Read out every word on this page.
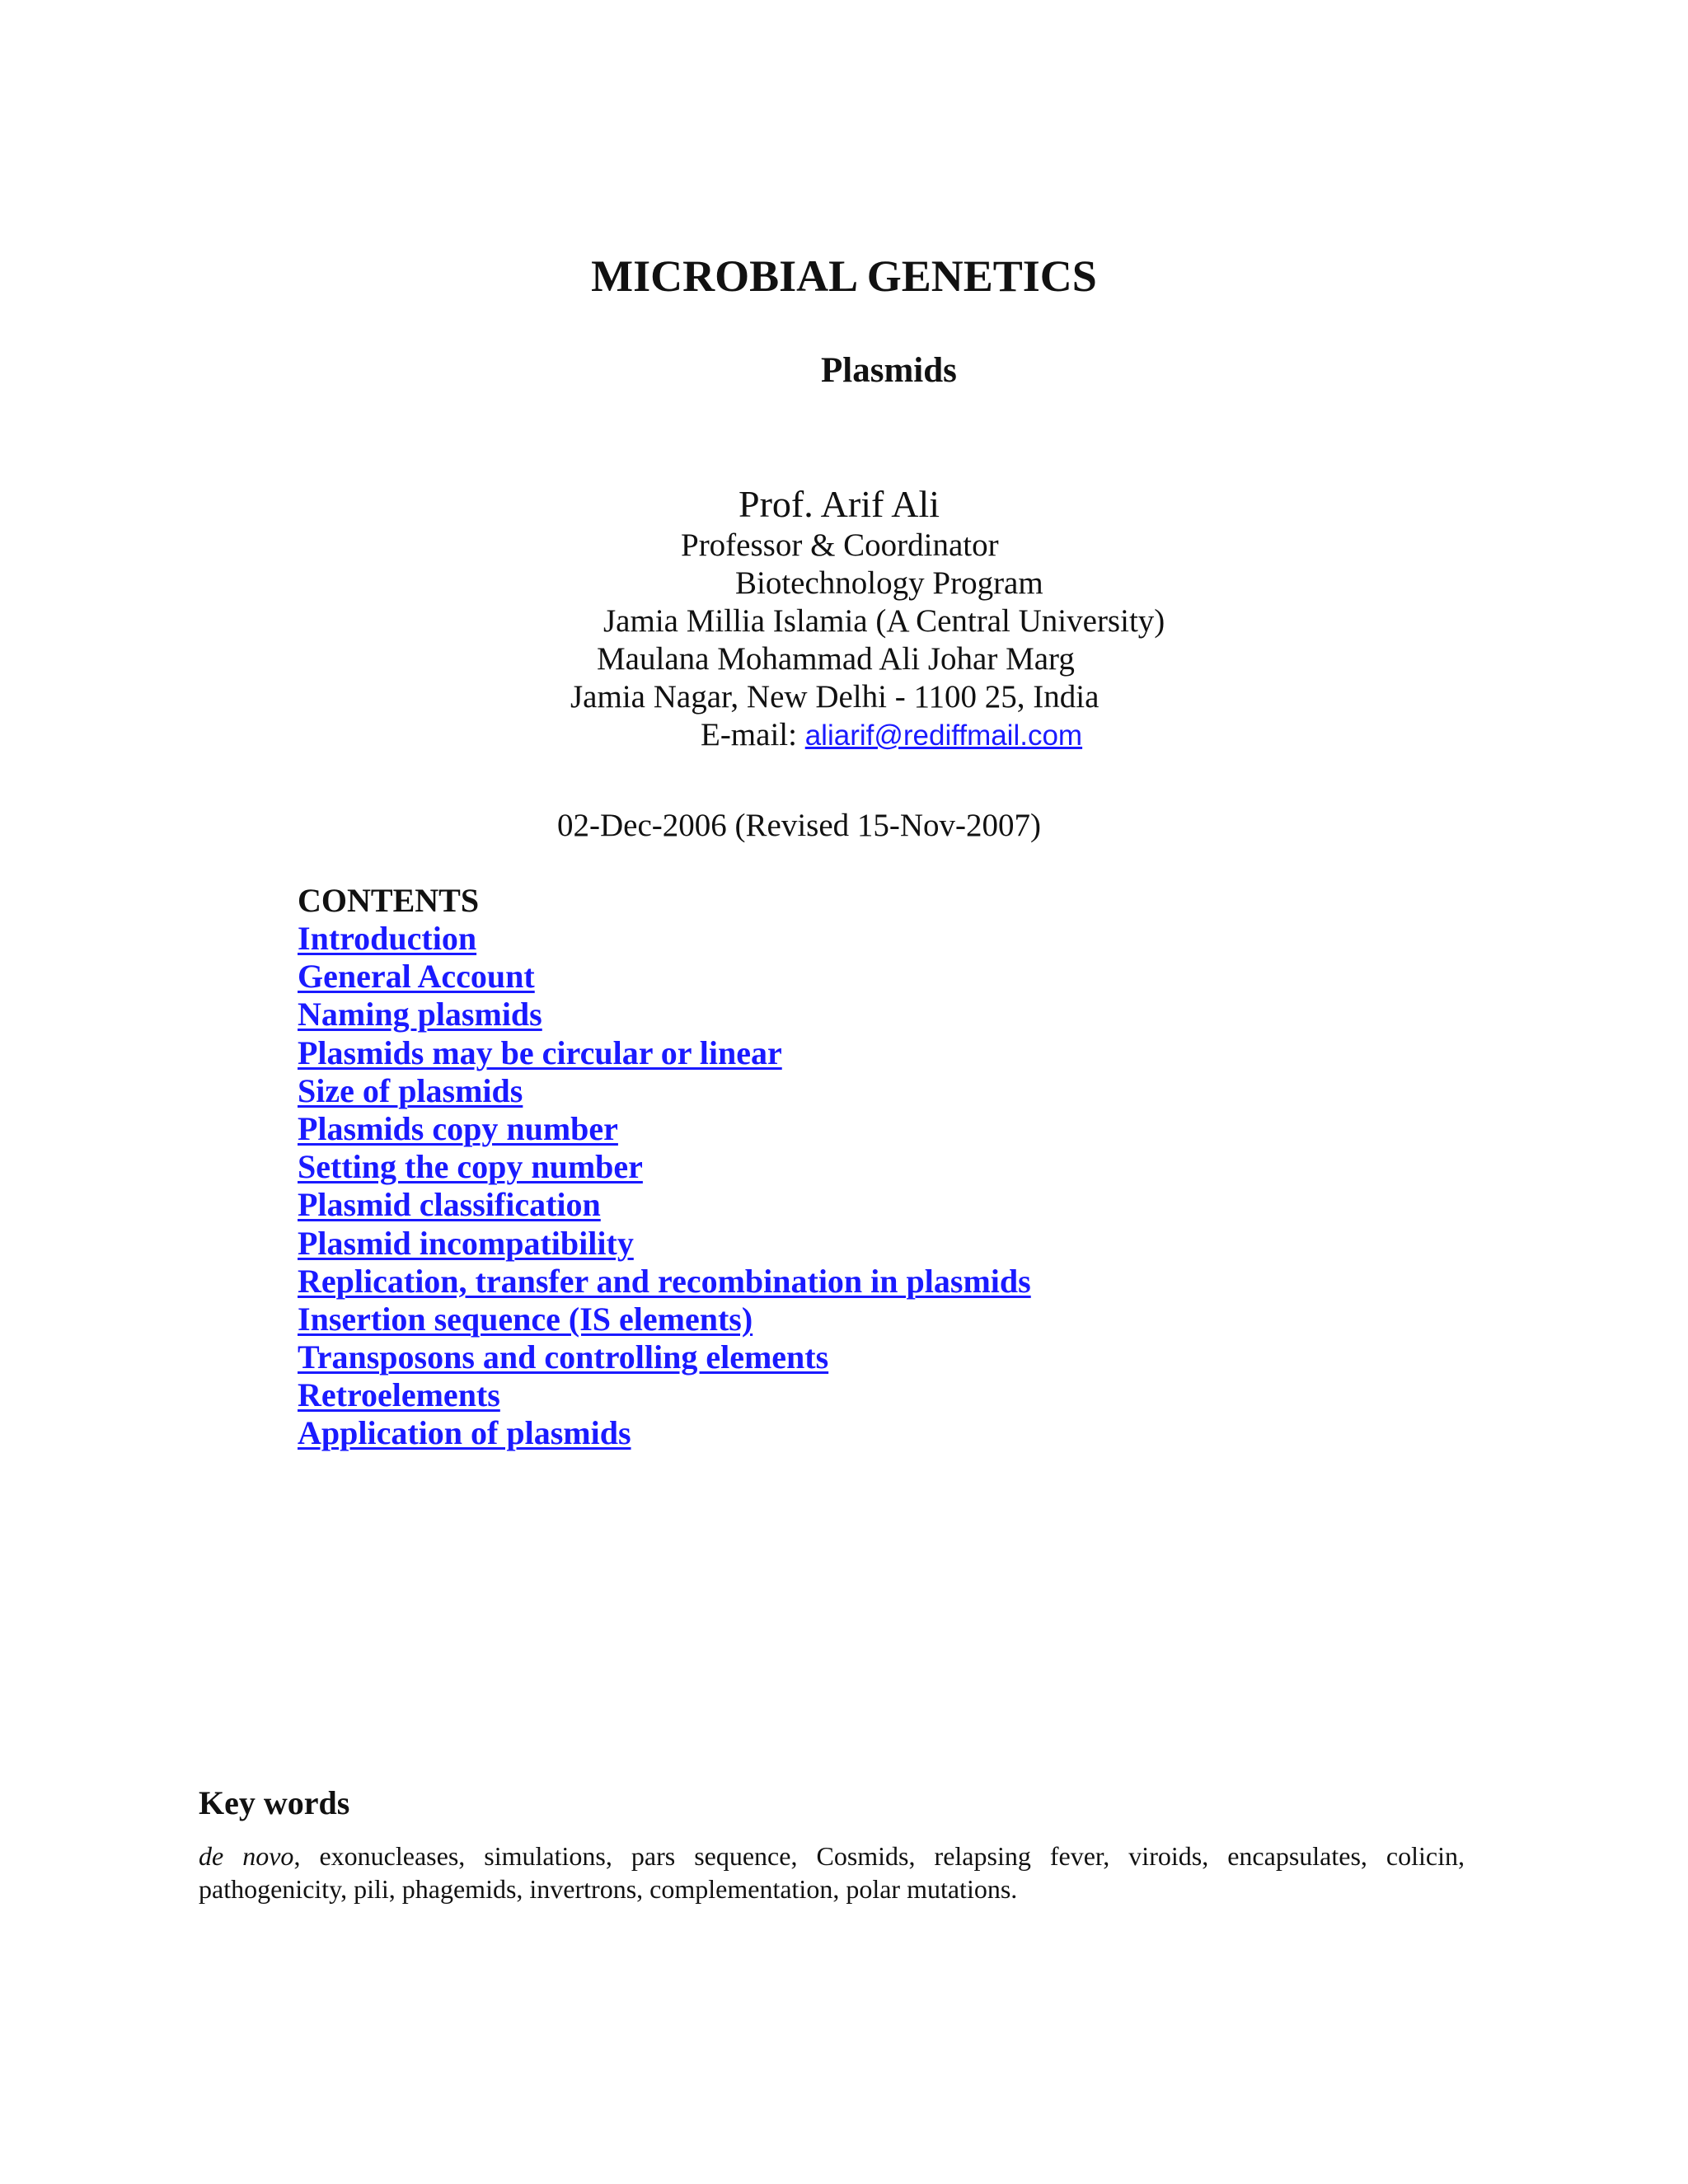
MICROBIAL GENETICS
Plasmids
Prof. Arif Ali
Professor & Coordinator
Biotechnology Program
Jamia Millia Islamia (A Central University)
Maulana Mohammad Ali Johar Marg
Jamia Nagar, New Delhi - 1100 25, India
E-mail: aliarif@rediffmail.com
02-Dec-2006 (Revised 15-Nov-2007)
CONTENTS
Introduction
General Account
Naming plasmids
Plasmids may be circular or linear
Size of plasmids
Plasmids copy number
Setting the copy number
Plasmid classification
Plasmid incompatibility
Replication, transfer and recombination in plasmids
Insertion sequence (IS elements)
Transposons and controlling elements
Retroelements
Application of plasmids
Key words
de novo, exonucleases, simulations, pars sequence, Cosmids, relapsing fever, viroids, encapsulates, colicin, pathogenicity, pili, phagemids, invertrons, complementation, polar mutations.
